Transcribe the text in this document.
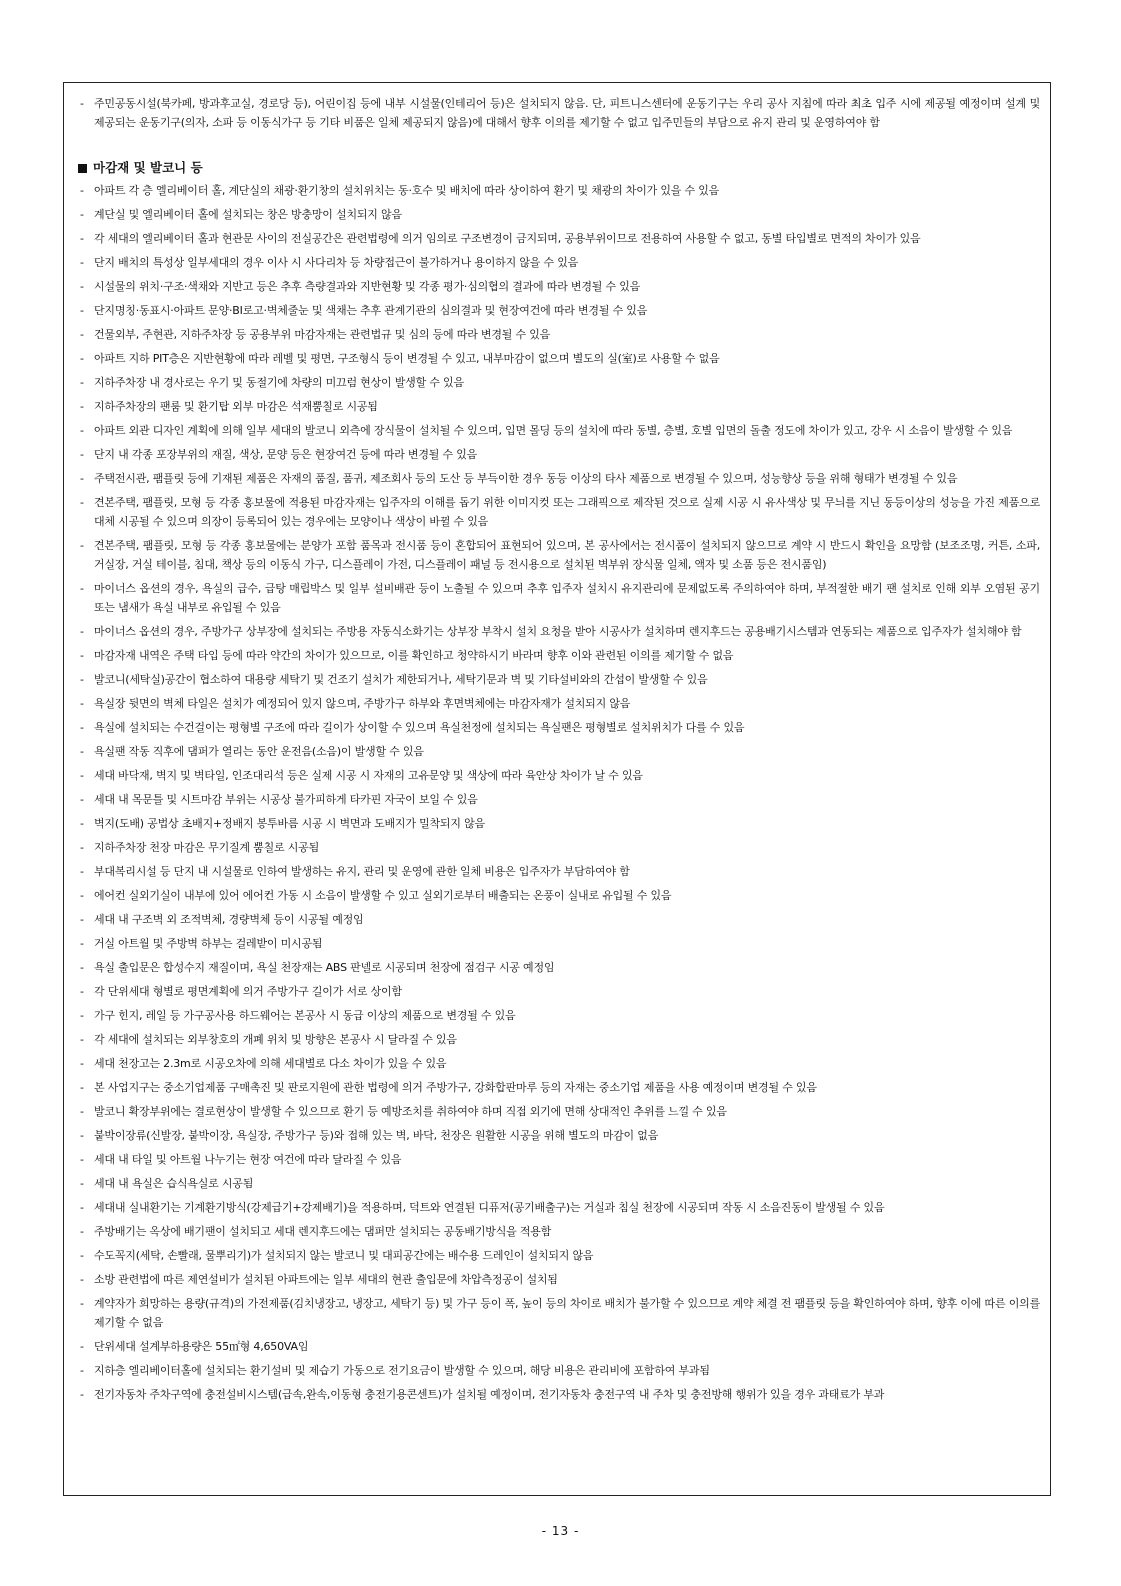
- 주민공동시설(북카페, 방과후교실, 경로당 등), 어린이집 등에 내부 시설물(인테리어 등)은 설치되지 않음. 단, 피트니스센터에 운동기구는 우리 공사 지침에 따라 최초 입주 시에 제공될 예정이며 설계 및 제공되는 운동기구(의자, 소파 등 이동식가구 등 기타 비품은 일체 제공되지 않음)에 대해서 향후 이의를 제기할 수 없고 입주민들의 부담으로 유지 관리 및 운영하여야 함
마감재 및 발코니 등
- 아파트 각 층 엘리베이터 홀, 계단실의 채광·환기창의 설치위치는 동·호수 및 배치에 따라 상이하여 환기 및 채광의 차이가 있을 수 있음
- 계단실 및 엘리베이터 홀에 설치되는 창은 방충망이 설치되지 않음
- 각 세대의 엘리베이터 홀과 현관문 사이의 전실공간은 관련법령에 의거 임의로 구조변경이 금지되며, 공용부위이므로 전용하여 사용할 수 없고, 동별 타입별로 면적의 차이가 있음
- 단지 배치의 특성상 일부세대의 경우 이사 시 사다리차 등 차량접근이 불가하거나 용이하지 않을 수 있음
- 시설물의 위치·구조·색채와 지반고 등은 추후 측량결과와 지반현황 및 각종 평가·심의협의 결과에 따라 변경될 수 있음
- 단지명칭·동표시·아파트 문양·BI로고·벽체줄눈 및 색채는 추후 관계기관의 심의결과 및 현장여건에 따라 변경될 수 있음
- 건물외부, 주현관, 지하주차장 등 공용부위 마감자재는 관련법규 및 심의 등에 따라 변경될 수 있음
- 아파트 지하 PIT층은 지반현황에 따라 레벨 및 평면, 구조형식 등이 변경될 수 있고, 내부마감이 없으며 별도의 실(室)로 사용할 수 없음
- 지하주차장 내 경사로는 우기 및 동절기에 차량의 미끄럼 현상이 발생할 수 있음
- 지하주차장의 팬룸 및 환기탑 외부 마감은 석재뿜칠로 시공됨
- 아파트 외관 디자인 계획에 의해 일부 세대의 발코니 외측에 장식물이 설치될 수 있으며, 입면 몰딩 등의 설치에 따라 동별, 층별, 호별 입면의 돌출 정도에 차이가 있고, 강우 시 소음이 발생할 수 있음
- 단지 내 각종 포장부위의 재질, 색상, 문양 등은 현장여건 등에 따라 변경될 수 있음
- 주택전시관, 팸플릿 등에 기재된 제품은 자재의 품질, 품귀, 제조회사 등의 도산 등 부득이한 경우 동등 이상의 타사 제품으로 변경될 수 있으며, 성능향상 등을 위해 형태가 변경될 수 있음
- 견본주택, 팸플릿, 모형 등 각종 홍보물에 적용된 마감자재는 입주자의 이해를 돕기 위한 이미지컷 또는 그래픽으로 제작된 것으로 실제 시공 시 유사색상 및 무늬를 지닌 동등이상의 성능을 가진 제품으로 대체 시공될 수 있으며 의장이 등록되어 있는 경우에는 모양이나 색상이 바뀔 수 있음
- 견본주택, 팸플릿, 모형 등 각종 홍보물에는 분양가 포함 품목과 전시품 등이 혼합되어 표현되어 있으며, 본 공사에서는 전시품이 설치되지 않으므로 계약 시 반드시 확인을 요망함 (보조조명, 커튼, 소파, 거실장, 거실 테이블, 침대, 책상 등의 이동식 가구, 디스플레이 가전, 디스플레이 패널 등 전시용으로 설치된 벽부위 장식물 일체, 액자 및 소품 등은 전시품임)
- 마이너스 옵션의 경우, 욕실의 급수, 급탕 매립박스 및 일부 설비배관 등이 노출될 수 있으며 추후 입주자 설치시 유지관리에 문제없도록 주의하여야 하며, 부적절한 배기 팬 설치로 인해 외부 오염된 공기 또는 냄새가 욕실 내부로 유입될 수 있음
- 마이너스 옵션의 경우, 주방가구 상부장에 설치되는 주방용 자동식소화기는 상부장 부착시 설치 요청을 받아 시공사가 설치하며 렌지후드는 공용배기시스템과 연동되는 제품으로 입주자가 설치해야 함
- 마감자재 내역은 주택 타입 등에 따라 약간의 차이가 있으므로, 이를 확인하고 청약하시기 바라며 향후 이와 관련된 이의를 제기할 수 없음
- 발코니(세탁실)공간이 협소하여 대용량 세탁기 및 건조기 설치가 제한되거나, 세탁기문과 벽 및 기타설비와의 간섭이 발생할 수 있음
- 욕실장 뒷면의 벽체 타일은 설치가 예정되어 있지 않으며, 주방가구 하부와 후면벽체에는 마감자재가 설치되지 않음
- 욕실에 설치되는 수건걸이는 평형별 구조에 따라 길이가 상이할 수 있으며 욕실천정에 설치되는 욕실팬은 평형별로 설치위치가 다를 수 있음
- 욕실팬 작동 직후에 댐퍼가 열리는 동안 운전음(소음)이 발생할 수 있음
- 세대 바닥재, 벽지 및 벽타일, 인조대리석 등은 실제 시공 시 자재의 고유문양 및 색상에 따라 육안상 차이가 날 수 있음
- 세대 내 목문틀 및 시트마감 부위는 시공상 불가피하게 타카핀 자국이 보일 수 있음
- 벽지(도배) 공법상 초배지+정배지 봉투바름 시공 시 벽면과 도배지가 밀착되지 않음
- 지하주차장 천장 마감은 무기질계 뿜칠로 시공됨
- 부대복리시설 등 단지 내 시설물로 인하여 발생하는 유지, 관리 및 운영에 관한 일체 비용은 입주자가 부담하여야 함
- 에어컨 실외기실이 내부에 있어 에어컨 가동 시 소음이 발생할 수 있고 실외기로부터 배출되는 온풍이 실내로 유입될 수 있음
- 세대 내 구조벽 외 조적벽체, 경량벽체 등이 시공될 예정임
- 거실 아트월 및 주방벽 하부는 걸레받이 미시공됨
- 욕실 출입문은 합성수지 재질이며, 욕실 천장재는 ABS 판넬로 시공되며 천장에 점검구 시공 예정임
- 각 단위세대 형별로 평면계획에 의거 주방가구 길이가 서로 상이함
- 가구 힌지, 레일 등 가구공사용 하드웨어는 본공사 시 동급 이상의 제품으로 변경될 수 있음
- 각 세대에 설치되는 외부창호의 개폐 위치 및 방향은 본공사 시 달라질 수 있음
- 세대 천장고는 2.3m로 시공오차에 의해 세대별로 다소 차이가 있을 수 있음
- 본 사업지구는 중소기업제품 구매촉진 및 판로지원에 관한 법령에 의거 주방가구, 강화합판마루 등의 자재는 중소기업 제품을 사용 예정이며 변경될 수 있음
- 발코니 확장부위에는 결로현상이 발생할 수 있으므로 환기 등 예방조치를 취하여야 하며 직접 외기에 면해 상대적인 추위를 느낄 수 있음
- 붙박이장류(신발장, 붙박이장, 욕실장, 주방가구 등)와 접해 있는 벽, 바닥, 천장은 원활한 시공을 위해 별도의 마감이 없음
- 세대 내 타일 및 아트월 나누기는 현장 여건에 따라 달라질 수 있음
- 세대 내 욕실은 습식욕실로 시공됨
- 세대내 실내환기는 기계환기방식(강제급기+강제배기)을 적용하며, 덕트와 연결된 디퓨저(공기배출구)는 거실과 침실 천장에 시공되며 작동 시 소음진동이 발생될 수 있음
- 주방배기는 옥상에 배기팬이 설치되고 세대 렌지후드에는 댐퍼만 설치되는 공동배기방식을 적용함
- 수도꼭지(세탁, 손빨래, 물뿌리기)가 설치되지 않는 발코니 및 대피공간에는 배수용 드레인이 설치되지 않음
- 소방 관련법에 따른 제연설비가 설치된 아파트에는 일부 세대의 현관 출입문에 차압측정공이 설치됨
- 계약자가 희망하는 용량(규격)의 가전제품(김치냉장고, 냉장고, 세탁기 등) 및 가구 등이 폭, 높이 등의 차이로 배치가 불가할 수 있으므로 계약 체결 전 팸플릿 등을 확인하여야 하며, 향후 이에 따른 이의를 제기할 수 없음
- 단위세대 설계부하용량은 55㎡형 4,650VA임
- 지하층 엘리베이터홀에 설치되는 환기설비 및 제습기 가동으로 전기요금이 발생할 수 있으며, 해당 비용은 관리비에 포함하여 부과됨
- 전기자동차 주차구역에 충전설비시스템(급속,완속,이동형 충전기용콘센트)가 설치될 예정이며, 전기자동차 충전구역 내 주차 및 충전방해 행위가 있을 경우 과태료가 부과
- 13 -
